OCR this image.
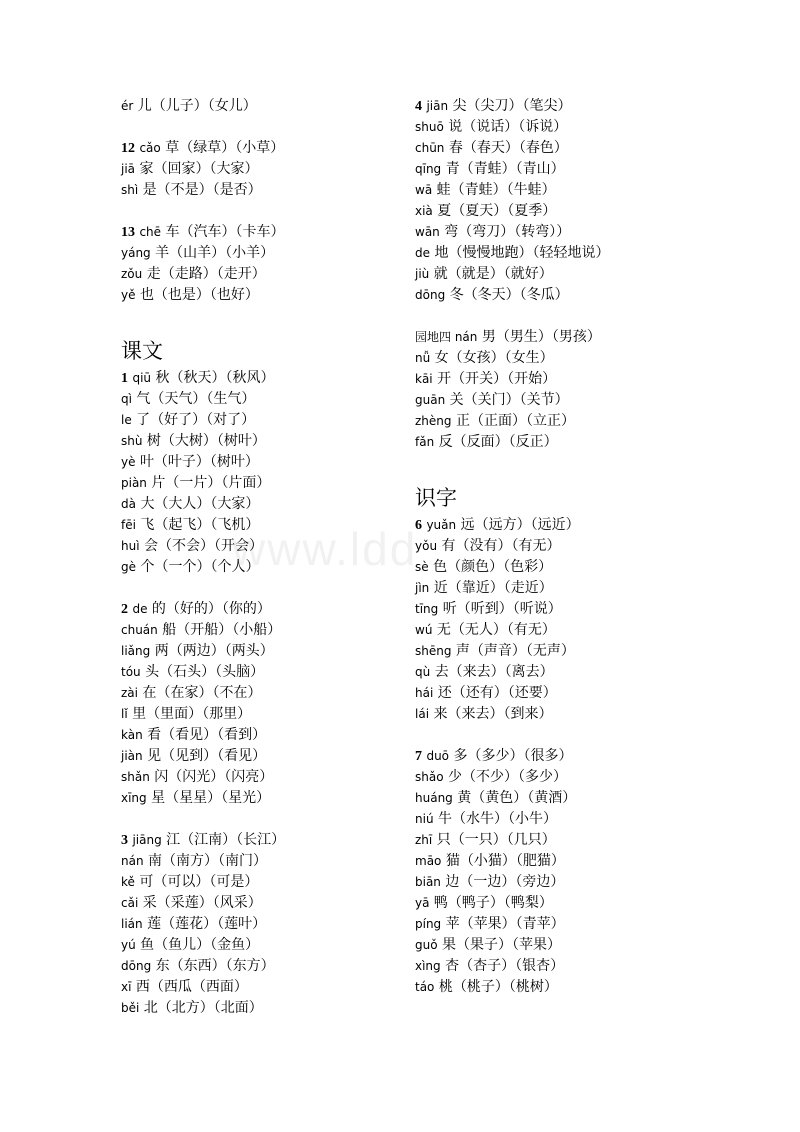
ér 儿（儿子）（女儿）
12 cǎo 草（绿草）（小草）
jiā 家（回家）（大家）
shì 是（不是）（是否）
13 chē 车（汽车）（卡车）
yáng 羊（山羊）（小羊）
zǒu 走（走路）（走开）
yě 也（也是）（也好）
课文
1 qiū 秋（秋天）（秋风）
qì 气（天气）（生气）
le 了（好了）（对了）
shù 树（大树）（树叶）
yè 叶（叶子）（树叶）
piàn 片（一片）（片面）
dà 大（大人）（大家）
fēi 飞（起飞）（飞机）
huì 会（不会）（开会）
gè 个（一个）（个人）
2 de 的（好的）（你的）
chuán 船（开船）（小船）
liǎng 两（两边）（两头）
tóu 头（石头）（头脑）
zài 在（在家）（不在）
lǐ 里（里面）（那里）
kàn 看（看见）（看到）
jiàn 见（见到）（看见）
shǎn 闪（闪光）（闪亮）
xīng 星（星星）（星光）
3 jiāng 江（江南）（长江）
nán 南（南方）（南门）
kě 可（可以）（可是）
cǎi 采（采莲）（风采）
lián 莲（莲花）（莲叶）
yú 鱼（鱼儿）（金鱼）
dōng 东（东西）（东方）
xī 西（西瓜（西面）
běi 北（北方）（北面）
4 jiān 尖（尖刀）（笔尖）
shuō 说（说话）（诉说）
chūn 春（春天）（春色）
qīng 青（青蛙）（青山）
wā 蛙（青蛙）（牛蛙）
xià 夏（夏天）（夏季）
wān 弯（弯刀）（转弯））
de 地（慢慢地跑）（轻轻地说）
jiù 就（就是）（就好）
dōng 冬（冬天）（冬瓜）
园地四 nán 男（男生）（男孩）
nǚ 女（女孩）（女生）
kāi 开（开关）（开始）
guān 关（关门）（关节）
zhèng 正（正面）（立正）
fǎn 反（反面）（反正）
识字
6 yuǎn 远（远方）（远近）
yǒu 有（没有）（有无）
sè 色（颜色）（色彩）
jìn 近（靠近）（走近）
tīng 听（听到）（听说）
wú 无（无人）（有无）
shēng 声（声音）（无声）
qù 去（来去）（离去）
hái 还（还有）（还要）
lái 来（来去）（到来）
7 duō 多（多少）（很多）
shǎo 少（不少）（多少）
huáng 黄（黄色）（黄酒）
niú 牛（水牛）（小牛）
zhī 只（一只）（几只）
māo 猫（小猫）（肥猫）
biān 边（一边）（旁边）
yā 鸭（鸭子）（鸭梨）
píng 苹（苹果）（青苹）
guǒ 果（果子）（苹果）
xìng 杏（杏子）（银杏）
táo 桃（桃子）（桃树）
www.ldd
